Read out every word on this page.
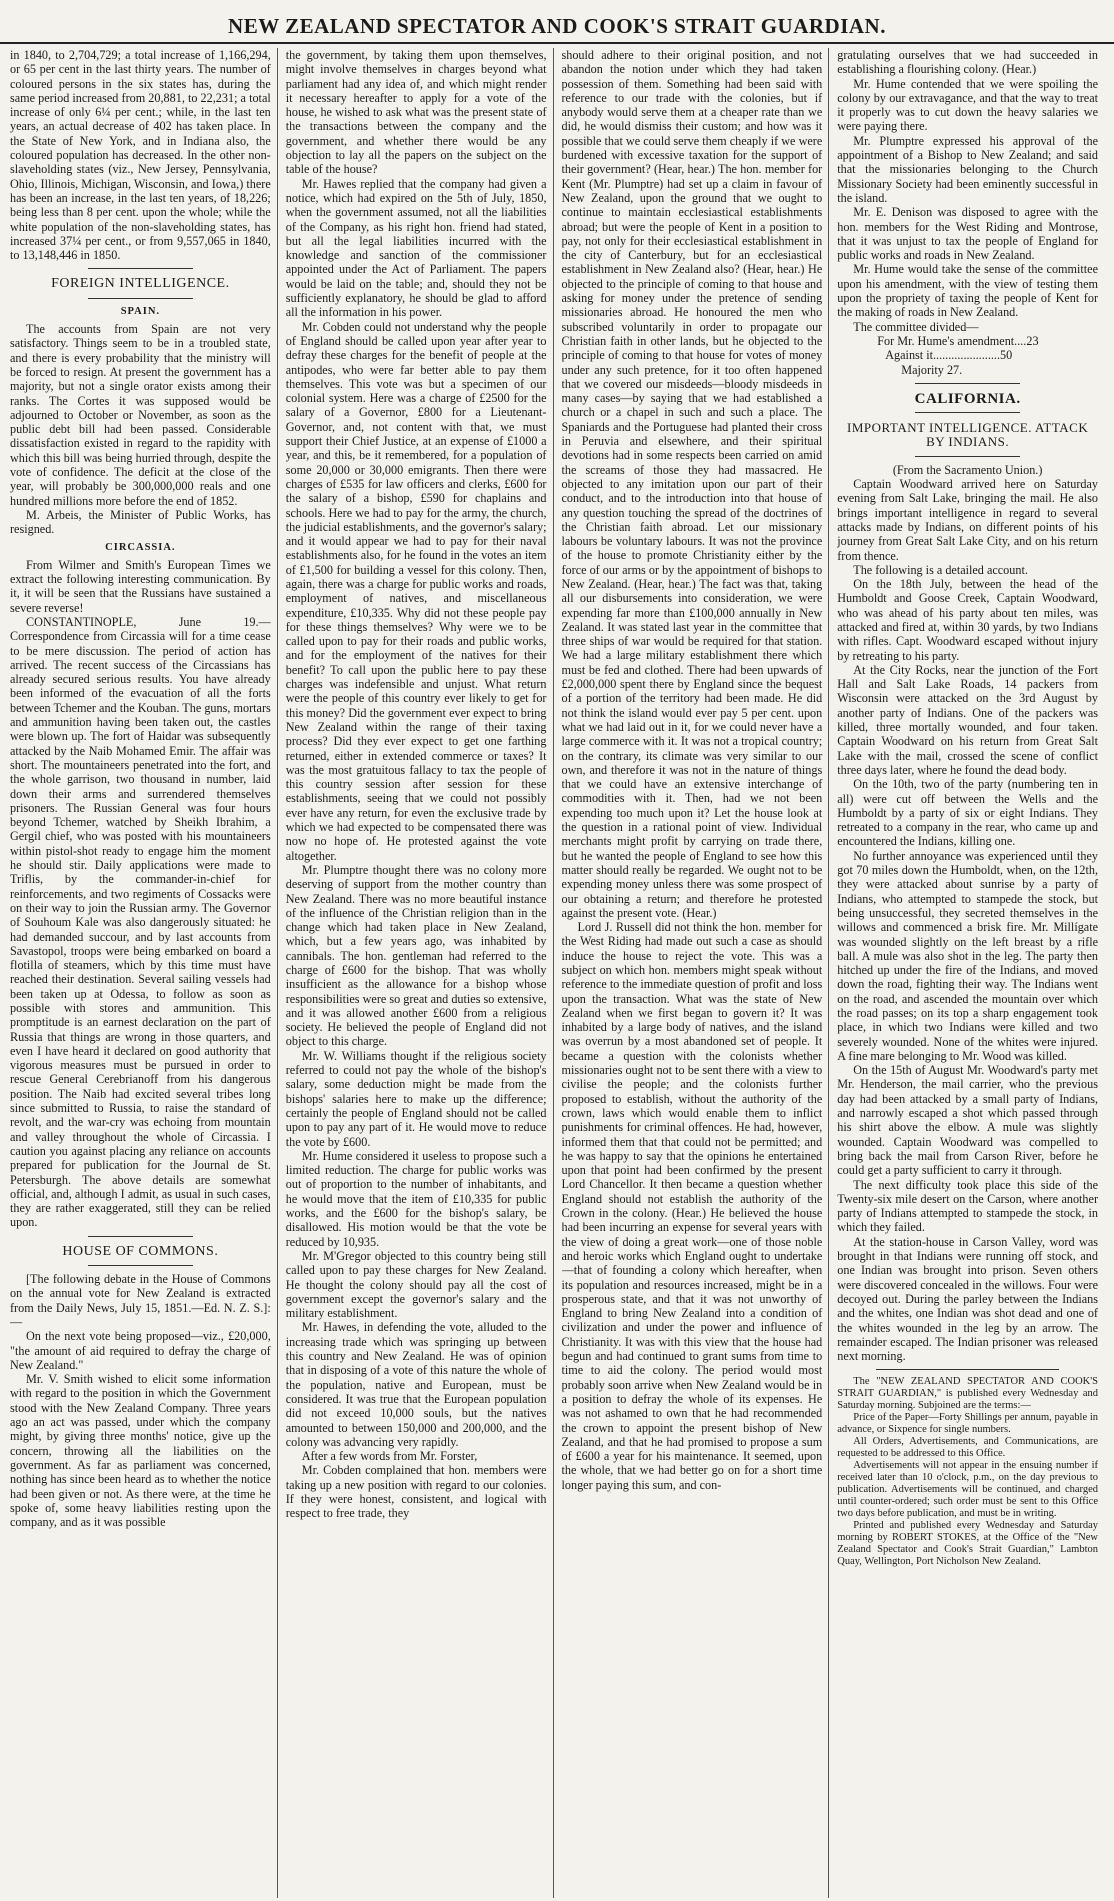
NEW ZEALAND SPECTATOR AND COOK'S STRAIT GUARDIAN.

in 1840, to 2,704,729; a total increase of 1,166,294, or 65 per cent in the last thirty years. The number of coloured persons in the six states has, during the same period increased from 20,881, to 22,231; a total increase of only 6¼ per cent.; while, in the last ten years, an actual decrease of 402 has taken place. In the State of New York, and in Indiana also, the coloured population has decreased. In the other non-slaveholding states (viz., New Jersey, Pennsylvania, Ohio, Illinois, Michigan, Wisconsin, and Iowa,) there has been an increase, in the last ten years, of 18,226; being less than 8 per cent. upon the whole; while the white population of the non-slaveholding states, has increased 37¼ per cent., or from 9,557,065 in 1840, to 13,148,446 in 1850.

FOREIGN INTELLIGENCE.
SPAIN.

The accounts from Spain are not very satisfactory. Things seem to be in a troubled state, and there is every probability that the ministry will be forced to resign. At present the government has a majority, but not a single orator exists among their ranks. The Cortes it was supposed would be adjourned to October or November, as soon as the public debt bill had been passed. Considerable dissatisfaction existed in regard to the rapidity with which this bill was being hurried through, despite the vote of confidence. The deficit at the close of the year, will probably be 300,000,000 reals and one hundred millions more before the end of 1852.

M. Arbeis, the Minister of Public Works, has resigned.

CIRCASSIA.

From Wilmer and Smith's European Times we extract the following interesting communication. By it, it will be seen that the Russians have sustained a severe reverse!

CONSTANTINOPLE, June 19.—Correspondence from Circassia will for a time cease to be mere discussion. The period of action has arrived. The recent success of the Circassians has already secured serious results. You have already been informed of the evacuation of all the forts between Tchemer and the Kouban. The guns, mortars and ammunition having been taken out, the castles were blown up. The fort of Haidar was subsequently attacked by the Naib Mohamed Emir. The affair was short. The mountaineers penetrated into the fort, and the whole garrison, two thousand in number, laid down their arms and surrendered themselves prisoners. The Russian General was four hours beyond Tchemer, watched by Sheikh Ibrahim, a Gergil chief, who was posted with his mountaineers within pistol-shot ready to engage him the moment he should stir. Daily applications were made to Triflis, by the commander-in-chief for reinforcements, and two regiments of Cossacks were on their way to join the Russian army. The Governor of Souhoum Kale was also dangerously situated: he had demanded succour, and by last accounts from Savastopol, troops were being embarked on board a flotilla of steamers, which by this time must have reached their destination. Several sailing vessels had been taken up at Odessa, to follow as soon as possible with stores and ammunition. This promptitude is an earnest declaration on the part of Russia that things are wrong in those quarters, and even I have heard it declared on good authority that vigorous measures must be pursued in order to rescue General Cerebrianoff from his dangerous position. The Naib had excited several tribes long since submitted to Russia, to raise the standard of revolt, and the war-cry was echoing from mountain and valley throughout the whole of Circassia. I caution you against placing any reliance on accounts prepared for publication for the Journal de St. Petersburgh. The above details are somewhat official, and, although I admit, as usual in such cases, they are rather exaggerated, still they can be relied upon.

HOUSE OF COMMONS.

[The following debate in the House of Commons on the annual vote for New Zealand is extracted from the Daily News, July 15, 1851.—Ed. N. Z. S.]:—

On the next vote being proposed—viz., £20,000, "the amount of aid required to defray the charge of New Zealand."

Mr. V. Smith wished to elicit some information with regard to the position in which the Government stood with the New Zealand Company. Three years ago an act was passed, under which the company might, by giving three months' notice, give up the concern, throwing all the liabilities on the government. As far as parliament was concerned, nothing has since been heard as to whether the notice had been given or not. As there were, at the time he spoke of, some heavy liabilities resting upon the company, and as it was possible

the government, by taking them upon themselves, might involve themselves in charges beyond what parliament had any idea of, and which might render it necessary hereafter to apply for a vote of the house, he wished to ask what was the present state of the transactions between the company and the government, and whether there would be any objection to lay all the papers on the subject on the table of the house?

Mr. Hawes replied that the company had given a notice, which had expired on the 5th of July, 1850, when the government assumed, not all the liabilities of the Company, as his right hon. friend had stated, but all the legal liabilities incurred with the knowledge and sanction of the commissioner appointed under the Act of Parliament. The papers would be laid on the table; and, should they not be sufficiently explanatory, he should be glad to afford all the information in his power.

Mr. Cobden could not understand why the people of England should be called upon year after year to defray these charges for the benefit of people at the antipodes, who were far better able to pay them themselves. This vote was but a specimen of our colonial system. Here was a charge of £2500 for the salary of a Governor, £800 for a Lieutenant-Governor, and, not content with that, we must support their Chief Justice, at an expense of £1000 a year, and this, be it remembered, for a population of some 20,000 or 30,000 emigrants. Then there were charges of £535 for law officers and clerks, £600 for the salary of a bishop, £590 for chaplains and schools. Here we had to pay for the army, the church, the judicial establishments, and the governor's salary; and it would appear we had to pay for their naval establishments also, for he found in the votes an item of £1,500 for building a vessel for this colony. Then, again, there was a charge for public works and roads, employment of natives, and miscellaneous expenditure, £10,335. Why did not these people pay for these things themselves? Why were we to be called upon to pay for their roads and public works, and for the employment of the natives for their benefit? To call upon the public here to pay these charges was indefensible and unjust. What return were the people of this country ever likely to get for this money? Did the government ever expect to bring New Zealand within the range of their taxing process? Did they ever expect to get one farthing returned, either in extended commerce or taxes? It was the most gratuitous fallacy to tax the people of this country session after session for these establishments, seeing that we could not possibly ever have any return, for even the exclusive trade by which we had expected to be compensated there was now no hope of. He protested against the vote altogether.

Mr. Plumptre thought there was no colony more deserving of support from the mother country than New Zealand. There was no more beautiful instance of the influence of the Christian religion than in the change which had taken place in New Zealand, which, but a few years ago, was inhabited by cannibals. The hon. gentleman had referred to the charge of £600 for the bishop. That was wholly insufficient as the allowance for a bishop whose responsibilities were so great and duties so extensive, and it was allowed another £600 from a religious society. He believed the people of England did not object to this charge.

Mr. W. Williams thought if the religious society referred to could not pay the whole of the bishop's salary, some deduction might be made from the bishops' salaries here to make up the difference; certainly the people of England should not be called upon to pay any part of it. He would move to reduce the vote by £600.

Mr. Hume considered it useless to propose such a limited reduction. The charge for public works was out of proportion to the number of inhabitants, and he would move that the item of £10,335 for public works, and the £600 for the bishop's salary, be disallowed. His motion would be that the vote be reduced by 10,935.

Mr. M'Gregor objected to this country being still called upon to pay these charges for New Zealand. He thought the colony should pay all the cost of government except the governor's salary and the military establishment.

Mr. Hawes, in defending the vote, alluded to the increasing trade which was springing up between this country and New Zealand. He was of opinion that in disposing of a vote of this nature the whole of the population, native and European, must be considered. It was true that the European population did not exceed 10,000 souls, but the natives amounted to between 150,000 and 200,000, and the colony was advancing very rapidly.

After a few words from Mr. Forster,

Mr. Cobden complained that hon. members were taking up a new position with regard to our colonies. If they were honest, consistent, and logical with respect to free trade, they

should adhere to their original position, and not abandon the notion under which they had taken possession of them. Something had been said with reference to our trade with the colonies, but if anybody would serve them at a cheaper rate than we did, he would dismiss their custom; and how was it possible that we could serve them cheaply if we were burdened with excessive taxation for the support of their government? (Hear, hear.) The hon. member for Kent (Mr. Plumptre) had set up a claim in favour of New Zealand, upon the ground that we ought to continue to maintain ecclesiastical establishments abroad; but were the people of Kent in a position to pay, not only for their ecclesiastical establishment in the city of Canterbury, but for an ecclesiastical establishment in New Zealand also? (Hear, hear.) He objected to the principle of coming to that house and asking for money under the pretence of sending missionaries abroad. He honoured the men who subscribed voluntarily in order to propagate our Christian faith in other lands, but he objected to the principle of coming to that house for votes of money under any such pretence, for it too often happened that we covered our misdeeds—bloody misdeeds in many cases—by saying that we had established a church or a chapel in such and such a place. The Spaniards and the Portuguese had planted their cross in Peruvia and elsewhere, and their spiritual devotions had in some respects been carried on amid the screams of those they had massacred. He objected to any imitation upon our part of their conduct, and to the introduction into that house of any question touching the spread of the doctrines of the Christian faith abroad. Let our missionary labours be voluntary labours. It was not the province of the house to promote Christianity either by the force of our arms or by the appointment of bishops to New Zealand. (Hear, hear.) The fact was that, taking all our disbursements into consideration, we were expending far more than £100,000 annually in New Zealand. It was stated last year in the committee that three ships of war would be required for that station. We had a large military establishment there which must be fed and clothed. There had been upwards of £2,000,000 spent there by England since the bequest of a portion of the territory had been made. He did not think the island would ever pay 5 per cent. upon what we had laid out in it, for we could never have a large commerce with it. It was not a tropical country; on the contrary, its climate was very similar to our own, and therefore it was not in the nature of things that we could have an extensive interchange of commodities with it. Then, had we not been expending too much upon it? Let the house look at the question in a rational point of view. Individual merchants might profit by carrying on trade there, but he wanted the people of England to see how this matter should really be regarded. We ought not to be expending money unless there was some prospect of our obtaining a return; and therefore he protested against the present vote. (Hear.)

Lord J. Russell did not think the hon. member for the West Riding had made out such a case as should induce the house to reject the vote. This was a subject on which hon. members might speak without reference to the immediate question of profit and loss upon the transaction. What was the state of New Zealand when we first began to govern it? It was inhabited by a large body of natives, and the island was overrun by a most abandoned set of people. It became a question with the colonists whether missionaries ought not to be sent there with a view to civilise the people; and the colonists further proposed to establish, without the authority of the crown, laws which would enable them to inflict punishments for criminal offences. He had, however, informed them that that could not be permitted; and he was happy to say that the opinions he entertained upon that point had been confirmed by the present Lord Chancellor. It then became a question whether England should not establish the authority of the Crown in the colony. (Hear.) He believed the house had been incurring an expense for several years with the view of doing a great work—one of those noble and heroic works which England ought to undertake—that of founding a colony which hereafter, when its population and resources increased, might be in a prosperous state, and that it was not unworthy of England to bring New Zealand into a condition of civilization and under the power and influence of Christianity. It was with this view that the house had begun and had continued to grant sums from time to time to aid the colony. The period would most probably soon arrive when New Zealand would be in a position to defray the whole of its expenses. He was not ashamed to own that he had recommended the crown to appoint the present bishop of New Zealand, and that he had promised to propose a sum of £600 a year for his maintenance. It seemed, upon the whole, that we had better go on for a short time longer paying this sum, and con-

gratulating ourselves that we had succeeded in establishing a flourishing colony. (Hear.)

Mr. Hume contended that we were spoiling the colony by our extravagance, and that the way to treat it properly was to cut down the heavy salaries we were paying there.

Mr. Plumptre expressed his approval of the appointment of a Bishop to New Zealand; and said that the missionaries belonging to the Church Missionary Society had been eminently successful in the island.

Mr. E. Denison was disposed to agree with the hon. members for the West Riding and Montrose, that it was unjust to tax the people of England for public works and roads in New Zealand.

Mr. Hume would take the sense of the committee upon his amendment, with the view of testing them upon the propriety of taxing the people of Kent for the making of roads in New Zealand.

The committee divided—

For Mr. Hume's amendment....23

Against it......................50

Majority 27.

CALIFORNIA.
IMPORTANT INTELLIGENCE. ATTACK BY INDIANS.

(From the Sacramento Union.)

Captain Woodward arrived here on Saturday evening from Salt Lake, bringing the mail. He also brings important intelligence in regard to several attacks made by Indians, on different points of his journey from Great Salt Lake City, and on his return from thence.

The following is a detailed account.

On the 18th July, between the head of the Humboldt and Goose Creek, Captain Woodward, who was ahead of his party about ten miles, was attacked and fired at, within 30 yards, by two Indians with rifles. Capt. Woodward escaped without injury by retreating to his party.

At the City Rocks, near the junction of the Fort Hall and Salt Lake Roads, 14 packers from Wisconsin were attacked on the 3rd August by another party of Indians. One of the packers was killed, three mortally wounded, and four taken. Captain Woodward on his return from Great Salt Lake with the mail, crossed the scene of conflict three days later, where he found the dead body.

On the 10th, two of the party (numbering ten in all) were cut off between the Wells and the Humboldt by a party of six or eight Indians. They retreated to a company in the rear, who came up and encountered the Indians, killing one.

No further annoyance was experienced until they got 70 miles down the Humboldt, when, on the 12th, they were attacked about sunrise by a party of Indians, who attempted to stampede the stock, but being unsuccessful, they secreted themselves in the willows and commenced a brisk fire. Mr. Millígate was wounded slightly on the left breast by a rifle ball. A mule was also shot in the leg. The party then hitched up under the fire of the Indians, and moved down the road, fighting their way. The Indians went on the road, and ascended the mountain over which the road passes; on its top a sharp engagement took place, in which two Indians were killed and two severely wounded. None of the whites were injured. A fine mare belonging to Mr. Wood was killed.

On the 15th of August Mr. Woodward's party met Mr. Henderson, the mail carrier, who the previous day had been attacked by a small party of Indians, and narrowly escaped a shot which passed through his shirt above the elbow. A mule was slightly wounded. Captain Woodward was compelled to bring back the mail from Carson River, before he could get a party sufficient to carry it through.

The next difficulty took place this side of the Twenty-six mile desert on the Carson, where another party of Indians attempted to stampede the stock, in which they failed.

At the station-house in Carson Valley, word was brought in that Indians were running off stock, and one Indian was brought into prison. Seven others were discovered concealed in the willows. Four were decoyed out. During the parley between the Indians and the whites, one Indian was shot dead and one of the whites wounded in the leg by an arrow. The remainder escaped. The Indian prisoner was released next morning.

The "NEW ZEALAND SPECTATOR AND COOK'S STRAIT GUARDIAN," is published every Wednesday and Saturday morning. Subjoined are the terms:—

Price of the Paper—Forty Shillings per annum, payable in advance, or Sixpence for single numbers.

All Orders, Advertisements, and Communications, are requested to be addressed to this Office.

Advertisements will not appear in the ensuing number if received later than 10 o'clock, p.m., on the day previous to publication. Advertisements will be continued, and charged until counter-ordered; such order must be sent to this Office two days before publication, and must be in writing.

Printed and published every Wednesday and Saturday morning by ROBERT STOKES, at the Office of the "New Zealand Spectator and Cook's Strait Guardian," Lambton Quay, Wellington, Port Nicholson New Zealand.
